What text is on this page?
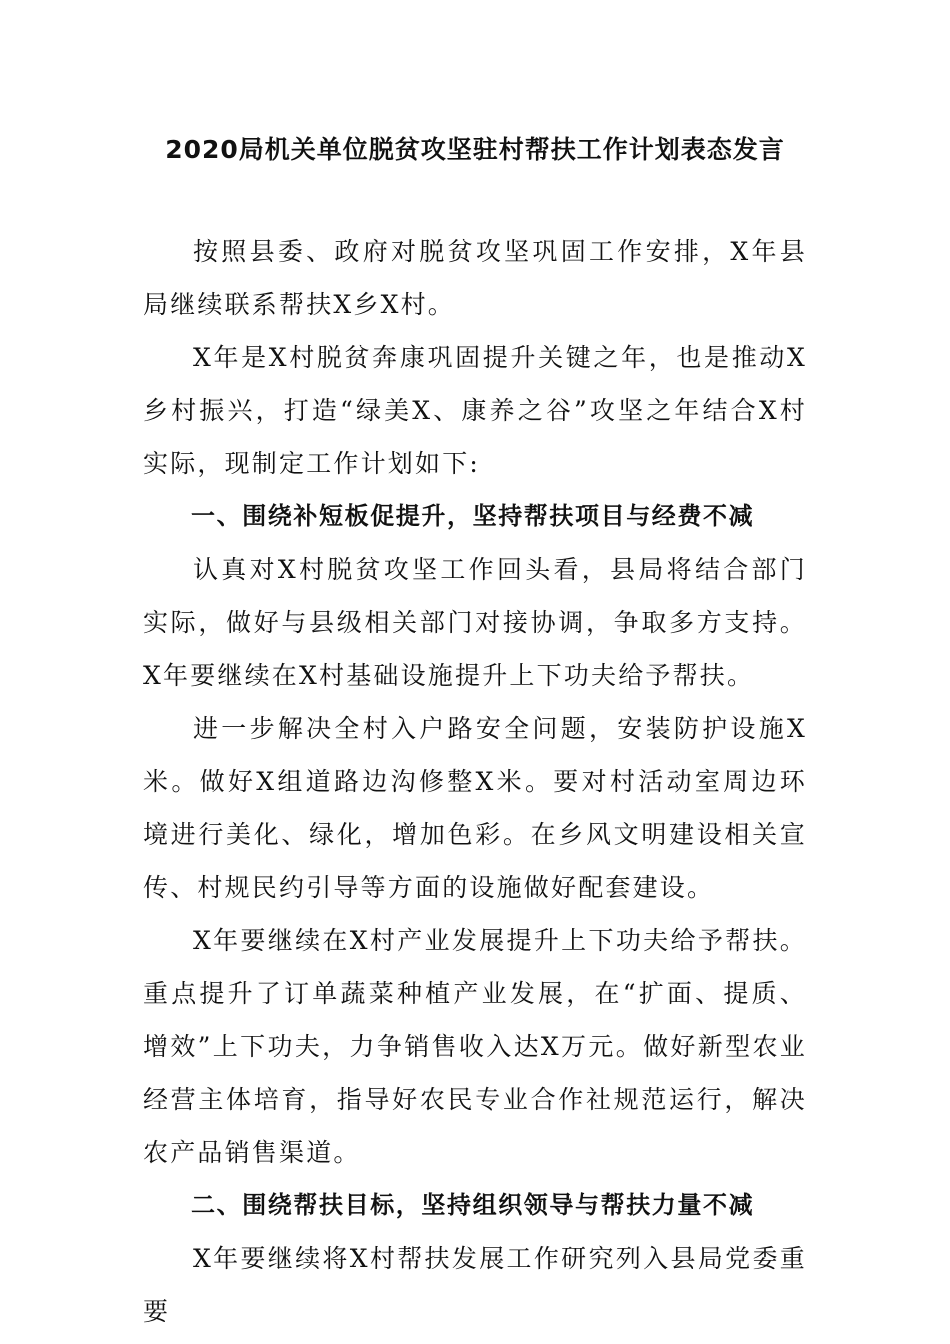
2020局机关单位脱贫攻坚驻村帮扶工作计划表态发言

按照县委、政府对脱贫攻坚巩固工作安排，X年县局继续联系帮扶X乡X村。

X年是X村脱贫奔康巩固提升关键之年，也是推动X乡村振兴，打造“绿美X、康养之谷”攻坚之年结合X村实际，现制定工作计划如下:

一、围绕补短板促提升，坚持帮扶项目与经费不减

认真对X村脱贫攻坚工作回头看，县局将结合部门实际，做好与县级相关部门对接协调，争取多方支持。X年要继续在X村基础设施提升上下功夫给予帮扶。

进一步解决全村入户路安全问题，安装防护设施X米。做好X组道路边沟修整X米。要对村活动室周边环境进行美化、绿化，增加色彩。在乡风文明建设相关宣传、村规民约引导等方面的设施做好配套建设。

X年要继续在X村产业发展提升上下功夫给予帮扶。重点提升了订单蔬菜种植产业发展，在“扩面、提质、增效”上下功夫，力争销售收入达X万元。做好新型农业经营主体培育，指导好农民专业合作社规范运行，解决农产品销售渠道。

二、围绕帮扶目标，坚持组织领导与帮扶力量不减

X年要继续将X村帮扶发展工作研究列入县局党委重要
